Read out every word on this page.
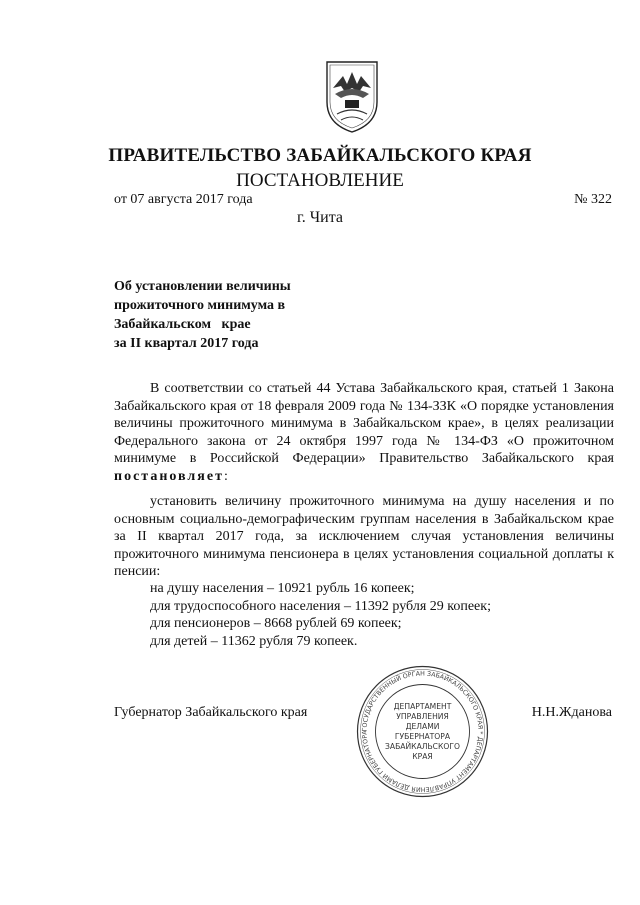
ПРАВИТЕЛЬСТВО ЗАБАЙКАЛЬСКОГО КРАЯ
ПОСТАНОВЛЕНИЕ
от 07 августа 2017 года	№ 322
г. Чита
Об установлении величины
прожиточного минимума в
Забайкальском   крае
за II квартал 2017 года
В соответствии со статьей 44 Устава Забайкальского края, статьей 1 Закона Забайкальского края от 18 февраля 2009 года № 134-ЗЗК «О порядке установления величины прожиточного минимума в Забайкальском крае», в целях реализации Федерального закона от 24 октября 1997 года № 134-ФЗ «О прожиточном минимуме в Российской Федерации» Правительство Забайкальского края постановляет:
установить величину прожиточного минимума на душу населения и по основным социально-демографическим группам населения в Забайкальском крае за II квартал 2017 года, за исключением случая установления величины прожиточного минимума пенсионера в целях установления социальной доплаты к пенсии:
на душу населения – 10921 рубль 16 копеек;
для трудоспособного населения – 11392 рубля 29 копеек;
для пенсионеров – 8668 рублей 69 копеек;
для детей – 11362 рубля 79 копеек.
Губернатор Забайкальского края	Н.Н.Жданова
ГОСУДАРСТВЕННЫЙ ОРГАН ЗАБАЙКАЛЬСКОГО КРАЯ * ДЕПАРТАМЕНТ УПРАВЛЕНИЯ ДЕЛАМИ ГУБЕРНАТОРА
ДЕПАРТАМЕНТ
УПРАВЛЕНИЯ
ДЕЛАМИ
ГУБЕРНАТОРА
ЗАБАЙКАЛЬСКОГО
КРАЯ
